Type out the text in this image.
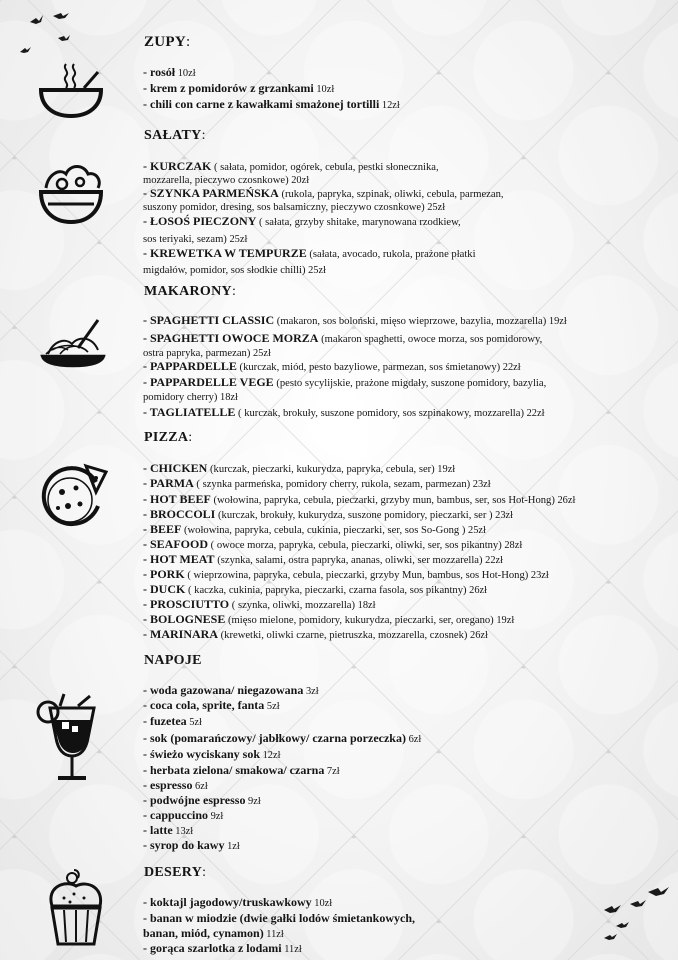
ZUPY:
- rosół 10zł
- krem z pomidorów z grzankami 10zł
- chili con carne z kawałkami smażonej tortilli 12zł
SAŁATY:
- KURCZAK ( sałata, pomidor, ogórek, cebula, pestki słonecznika,
mozzarella, pieczywo czosnkowe) 20zł
- SZYNKA PARMEŃSKA (rukola, papryka, szpinak, oliwki, cebula, parmezan,
suszony pomidor, dresing, sos balsamiczny, pieczywo czosnkowe) 25zł
- ŁOSOŚ PIECZONY ( sałata, grzyby shitake, marynowana rzodkiew,
sos teriyaki, sezam) 25zł
- KREWETKA W TEMPURZE (sałata, avocado, rukola, prażone płatki
migdałów, pomidor, sos słodkie chilli) 25zł
MAKARONY:
- SPAGHETTI CLASSIC (makaron, sos boloński, mięso wieprzowe, bazylia, mozzarella) 19zł
- SPAGHETTI OWOCE MORZA (makaron spaghetti, owoce morza, sos pomidorowy,
ostra papryka, parmezan) 25zł
- PAPPARDELLE (kurczak, miód, pesto bazyliowe, parmezan, sos śmietanowy) 22zł
- PAPPARDELLE VEGE (pesto sycylijskie, prażone migdały, suszone pomidory, bazylia,
pomidory cherry) 18zł
- TAGLIATELLE ( kurczak, brokuły, suszone pomidory, sos szpinakowy, mozzarella) 22zł
PIZZA:
- CHICKEN (kurczak, pieczarki, kukurydza, papryka, cebula, ser) 19zł
- PARMA ( szynka parmeńska, pomidory cherry, rukola, sezam, parmezan) 23zł
- HOT BEEF (wołowina, papryka, cebula, pieczarki, grzyby mun, bambus, ser, sos Hot-Hong) 26zł
- BROCCOLI (kurczak, brokuły, kukurydza, suszone pomidory, pieczarki, ser ) 23zł
- BEEF (wołowina, papryka, cebula, cukinia, pieczarki, ser, sos So-Gong ) 25zł
- SEAFOOD ( owoce morza, papryka, cebula, pieczarki, oliwki, ser, sos pikantny) 28zł
- HOT MEAT (szynka, salami, ostra papryka, ananas, oliwki, ser mozzarella) 22zł
- PORK ( wieprzowina, papryka, cebula, pieczarki, grzyby Mun, bambus, sos Hot-Hong) 23zł
- DUCK ( kaczka, cukinia, papryka, pieczarki, czarna fasola, sos pikantny) 26zł
- PROSCIUTTO ( szynka, oliwki, mozzarella) 18zł
- BOLOGNESE (mięso mielone, pomidory, kukurydza, pieczarki, ser, oregano) 19zł
- MARINARA (krewetki, oliwki czarne, pietruszka, mozzarella, czosnek) 26zł
NAPOJE
- woda gazowana/ niegazowana 3zł
- coca cola, sprite, fanta 5zł
- fuzetea 5zł
- sok (pomarańczowy/ jabłkowy/ czarna porzeczka) 6zł
- świeżo wyciskany sok 12zł
- herbata zielona/ smakowa/ czarna 7zł
- espresso 6zł
- podwójne espresso 9zł
- cappuccino 9zł
- latte 13zł
- syrop do kawy 1zł
DESERY:
- koktajl jagodowy/truskawkowy 10zł
- banan w miodzie (dwie gałki lodów śmietankowych,
banan, miód, cynamon) 11zł
- gorąca szarlotka z lodami 11zł
